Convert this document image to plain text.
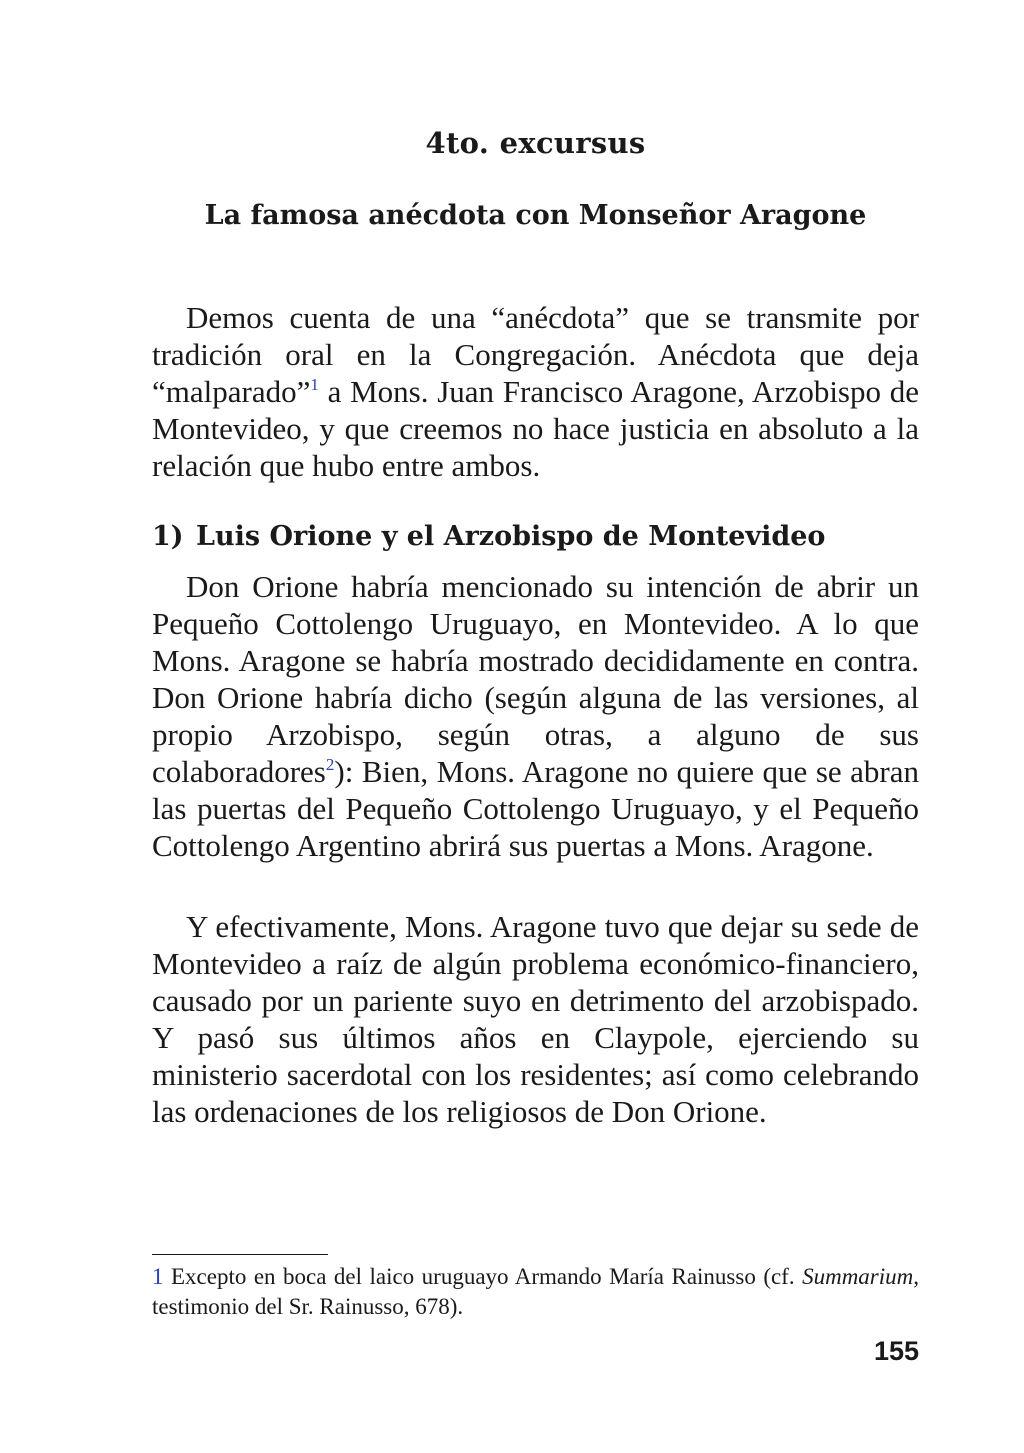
4to. excursus
La famosa anécdota con Monseñor Aragone

Demos cuenta de una “anécdota” que se transmite por tradición oral en la Congregación. Anécdota que deja “malparado”$^1$ a Mons. Juan Francisco Aragone, Arzobispo de Montevideo, y que creemos no hace justicia en absoluto a la relación que hubo entre ambos.

1) Luis Orione y el Arzobispo de Montevideo

Don Orione habría mencionado su intención de abrir un Pequeño Cottolengo Uruguayo, en Montevideo. A lo que Mons. Aragone se habría mostrado decididamente en contra. Don Orione habría dicho (según alguna de las versiones, al propio Arzobispo, según otras, a alguno de sus colaboradores$^2$): Bien, Mons. Aragone no quiere que se abran las puertas del Pequeño Cottolengo Uruguayo, y el Pequeño Cottolengo Argentino abrirá sus puertas a Mons. Aragone.

Y efectivamente, Mons. Aragone tuvo que dejar su sede de Montevideo a raíz de algún problema económico-financiero, causado por un pariente suyo en detrimento del arzobispado. Y pasó sus últimos años en Claypole, ejerciendo su ministerio sacerdotal con los residentes; así como celebrando las ordenaciones de los religiosos de Don Orione.

1 Excepto en boca del laico uruguayo Armando María Rainusso (cf. Summarium, testimonio del Sr. Rainusso, 678).

155
